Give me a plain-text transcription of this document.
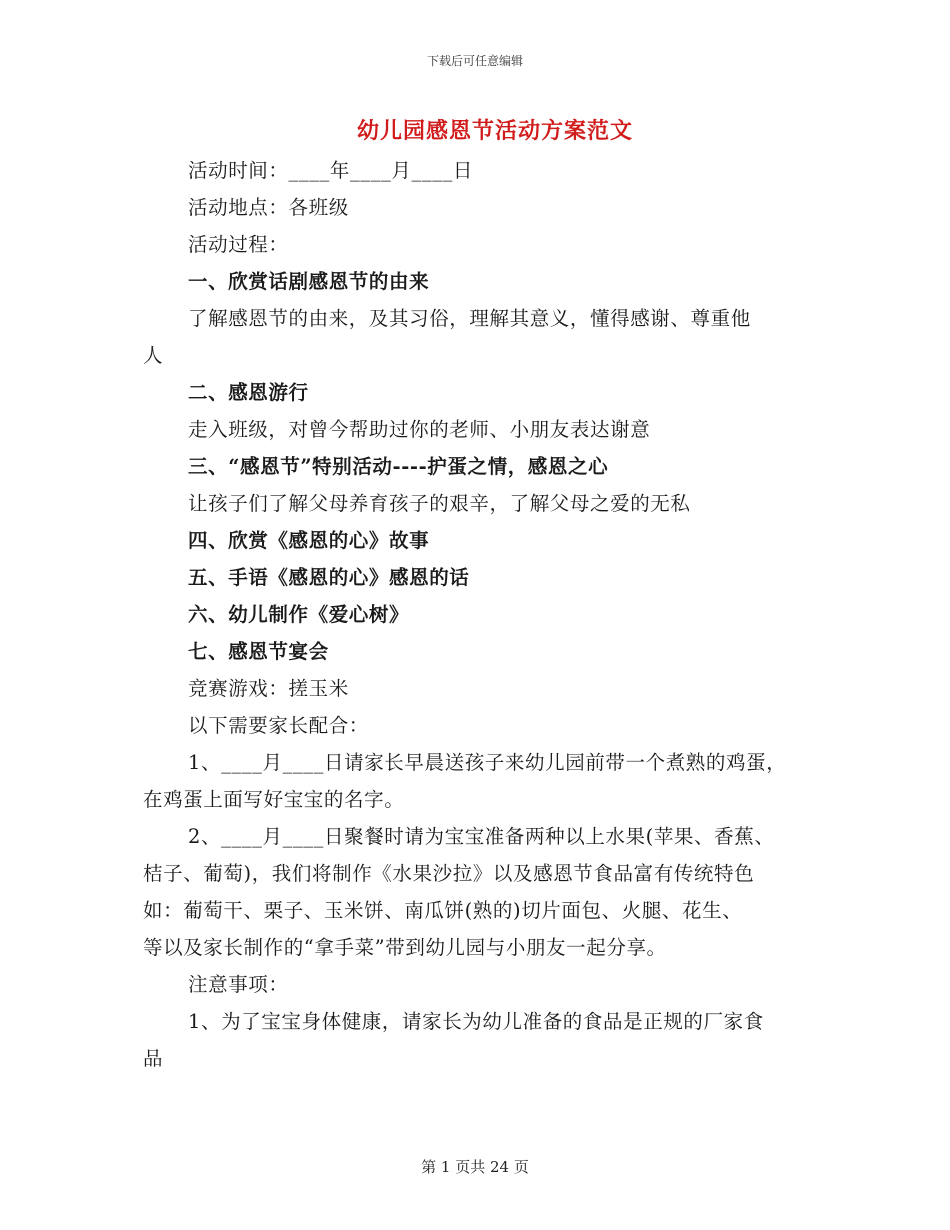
下载后可任意编辑
幼儿园感恩节活动方案范文
活动时间：____年____月____日
活动地点：各班级
活动过程：
一、欣赏话剧感恩节的由来
了解感恩节的由来，及其习俗，理解其意义，懂得感谢、尊重他
人
二、感恩游行
走入班级，对曾今帮助过你的老师、小朋友表达谢意
三、“感恩节”特别活动----护蛋之情，感恩之心
让孩子们了解父母养育孩子的艰辛，了解父母之爱的无私
四、欣赏《感恩的心》故事
五、手语《感恩的心》感恩的话
六、幼儿制作《爱心树》
七、感恩节宴会
竞赛游戏：搓玉米
以下需要家长配合：
1、____月____日请家长早晨送孩子来幼儿园前带一个煮熟的鸡蛋，
在鸡蛋上面写好宝宝的名字。
2、____月____日聚餐时请为宝宝准备两种以上水果(苹果、香蕉、
桔子、葡萄)，我们将制作《水果沙拉》以及感恩节食品富有传统特色
如：葡萄干、栗子、玉米饼、南瓜饼(熟的)切片面包、火腿、花生、
等以及家长制作的“拿手菜”带到幼儿园与小朋友一起分享。
注意事项：
1、为了宝宝身体健康，请家长为幼儿准备的食品是正规的厂家食
品
第 1 页共 24 页
